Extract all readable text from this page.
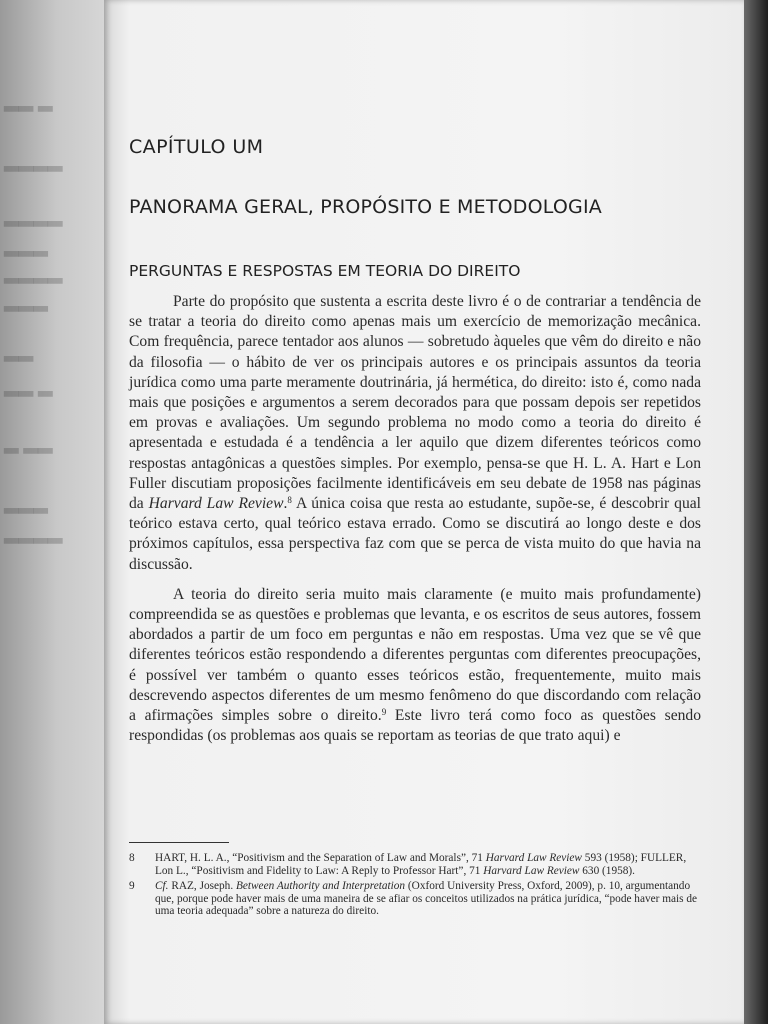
▂▂ ▂
▂▂▂▂
▂▂▂▂
▂▂▂
▂▂▂▂
▂▂▂
▂▂
▂▂ ▂
▂ ▂▂
▂▂▂
▂▂▂▂
CAPÍTULO UM
PANORAMA GERAL, PROPÓSITO E METODOLOGIA
PERGUNTAS E RESPOSTAS EM TEORIA DO DIREITO

Parte do propósito que sustenta a escrita deste livro é o de contrariar a tendência de se tratar a teoria do direito como apenas mais um exercício de memorização mecânica. Com frequência, parece tentador aos alunos — sobretudo àqueles que vêm do direito e não da filosofia — o hábito de ver os principais autores e os principais assuntos da teoria jurídica como uma parte meramente doutrinária, já hermética, do direito: isto é, como nada mais que posições e argumentos a serem decorados para que possam depois ser repetidos em provas e avaliações. Um segundo problema no modo como a teoria do direito é apresentada e estudada é a tendência a ler aquilo que dizem diferentes teóricos como respostas antagônicas a questões simples. Por exemplo, pensa-se que H. L. A. Hart e Lon Fuller discutiam proposições facilmente identificáveis em seu debate de 1958 nas páginas da Harvard Law Review.$^8$ A única coisa que resta ao estudante, supõe-se, é descobrir qual teórico estava certo, qual teórico estava errado. Como se discutirá ao longo deste e dos próximos capítulos, essa perspectiva faz com que se perca de vista muito do que havia na discussão.

A teoria do direito seria muito mais claramente (e muito mais profundamente) compreendida se as questões e problemas que levanta, e os escritos de seus autores, fossem abordados a partir de um foco em perguntas e não em respostas. Uma vez que se vê que diferentes teóricos estão respondendo a diferentes perguntas com diferentes preocupações, é possível ver também o quanto esses teóricos estão, frequentemente, muito mais descrevendo aspectos diferentes de um mesmo fenômeno do que discordando com relação a afirmações simples sobre o direito.$^9$ Este livro terá como foco as questões sendo respondidas (os problemas aos quais se reportam as teorias de que trato aqui) e

8	HART, H. L. A., “Positivism and the Separation of Law and Morals”, 71 Harvard Law Review 593 (1958); FULLER, Lon L., “Positivism and Fidelity to Law: A Reply to Professor Hart”, 71 Harvard Law Review 630 (1958).
9	Cf. RAZ, Joseph. Between Authority and Interpretation (Oxford University Press, Oxford, 2009), p. 10, argumentando que, porque pode haver mais de uma maneira de se afiar os conceitos utilizados na prática jurídica, “pode haver mais de uma teoria adequada” sobre a natureza do direito.
